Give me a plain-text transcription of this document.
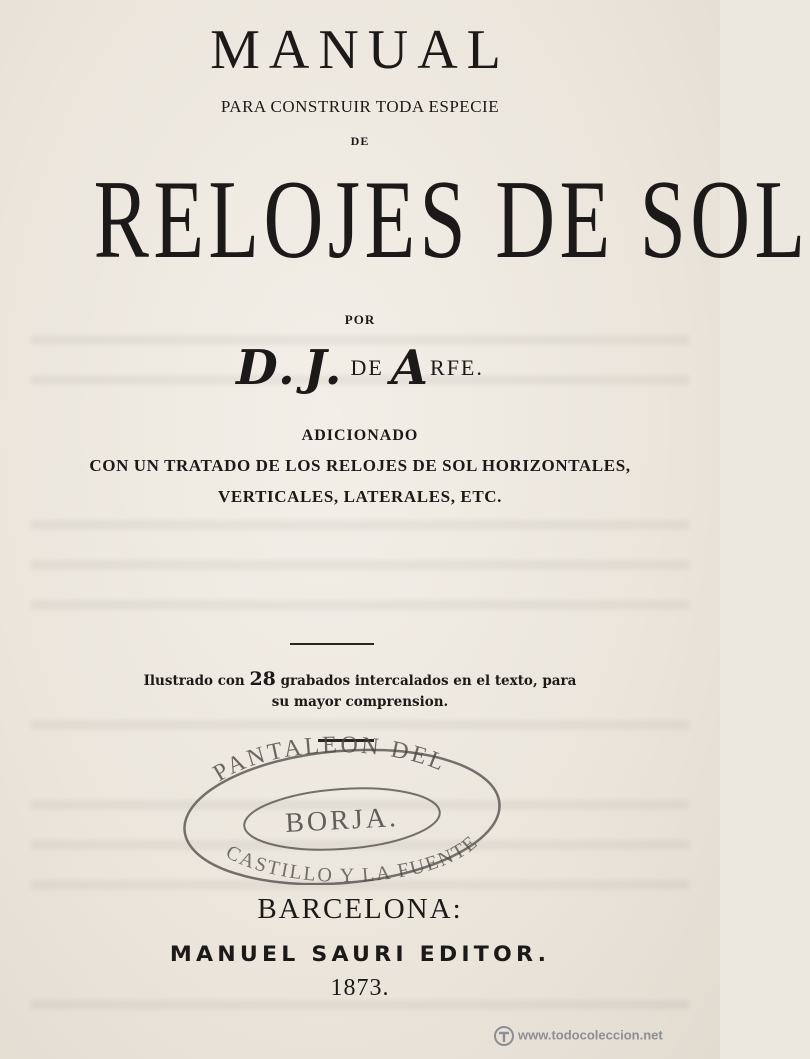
MANUAL
PARA CONSTRUIR TODA ESPECIE
DE
RELOJES DE SOL
POR
D. J. DE ARFE.
ADICIONADO
CON UN TRATADO DE LOS RELOJES DE SOL HORIZONTALES,
VERTICALES, LATERALES, ETC.
Ilustrado con 28 grabados intercalados en el texto, para
su mayor comprension.
PANTALEON DEL
BORJA.
CASTILLO Y LA FUENTE
BARCELONA:
MANUEL SAURI EDITOR.
1873.
www.todocoleccion.net
